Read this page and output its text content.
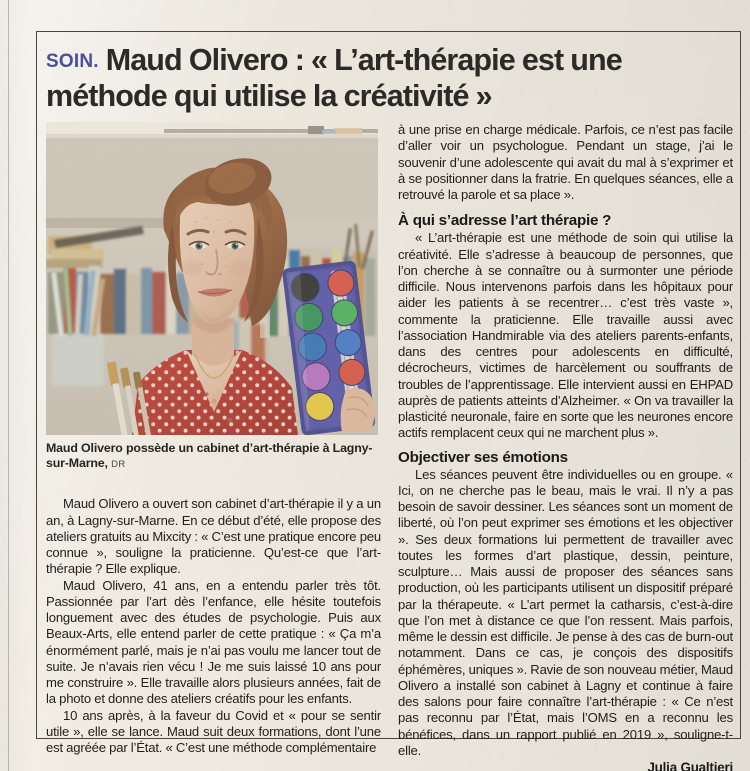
SOIN. Maud Olivero : « L’art-thérapie est une méthode qui utilise la créativité »

Maud Olivero possède un cabinet d’art-thérapie à Lagny-sur-Marne, DR

Maud Olivero a ouvert son cabinet d’art-thérapie il y a un an, à Lagny-sur-Marne. En ce début d’été, elle propose des ateliers gratuits au Mixcity : « C’est une pratique encore peu connue », souligne la praticienne. Qu’est-ce que l’art-thérapie ? Elle explique.

Maud Olivero, 41 ans, en a entendu parler très tôt. Passionnée par l’art dès l’enfance, elle hésite toutefois longuement avec des études de psychologie. Puis aux Beaux-Arts, elle entend parler de cette pratique : « Ça m’a énormément parlé, mais je n’ai pas voulu me lancer tout de suite. Je n’avais rien vécu ! Je me suis laissé 10 ans pour me construire ». Elle travaille alors plusieurs années, fait de la photo et donne des ateliers créatifs pour les enfants.

10 ans après, à la faveur du Covid et « pour se sentir utile », elle se lance. Maud suit deux formations, dont l’une est agréée par l’État. « C’est une méthode complémentaire

à une prise en charge médicale. Parfois, ce n’est pas facile d’aller voir un psychologue. Pendant un stage, j’ai le souvenir d’une adolescente qui avait du mal à s’exprimer et à se positionner dans la fratrie. En quelques séances, elle a retrouvé la parole et sa place ».

À qui s’adresse l’art thérapie ?

« L’art-thérapie est une méthode de soin qui utilise la créativité. Elle s’adresse à beaucoup de personnes, que l’on cherche à se connaître ou à surmonter une période difficile. Nous intervenons parfois dans les hôpitaux pour aider les patients à se recentrer… c’est très vaste », commente la praticienne. Elle travaille aussi avec l’association Handmirable via des ateliers parents-enfants, dans des centres pour adolescents en difficulté, décrocheurs, victimes de harcèlement ou souffrants de troubles de l’apprentissage. Elle intervient aussi en EHPAD auprès de patients atteints d’Alzheimer. « On va travailler la plasticité neuronale, faire en sorte que les neurones encore actifs remplacent ceux qui ne marchent plus ».

Objectiver ses émotions

Les séances peuvent être individuelles ou en groupe. « Ici, on ne cherche pas le beau, mais le vrai. Il n’y a pas besoin de savoir dessiner. Les séances sont un moment de liberté, où l’on peut exprimer ses émotions et les objectiver ». Ses deux formations lui permettent de travailler avec toutes les formes d’art plastique, dessin, peinture, sculpture… Mais aussi de proposer des séances sans production, où les participants utilisent un dispositif préparé par la thérapeute. « L’art permet la catharsis, c’est-à-dire que l’on met à distance ce que l’on ressent. Mais parfois, même le dessin est difficile. Je pense à des cas de burn-out notamment. Dans ce cas, je conçois des dispositifs éphémères, uniques ». Ravie de son nouveau métier, Maud Olivero a installé son cabinet à Lagny et continue à faire des salons pour faire connaître l’art-thérapie : « Ce n’est pas reconnu par l’État, mais l’OMS en a reconnu les bénéfices, dans un rapport publié en 2019 », souligne-t-elle.

Julia Gualtieri
